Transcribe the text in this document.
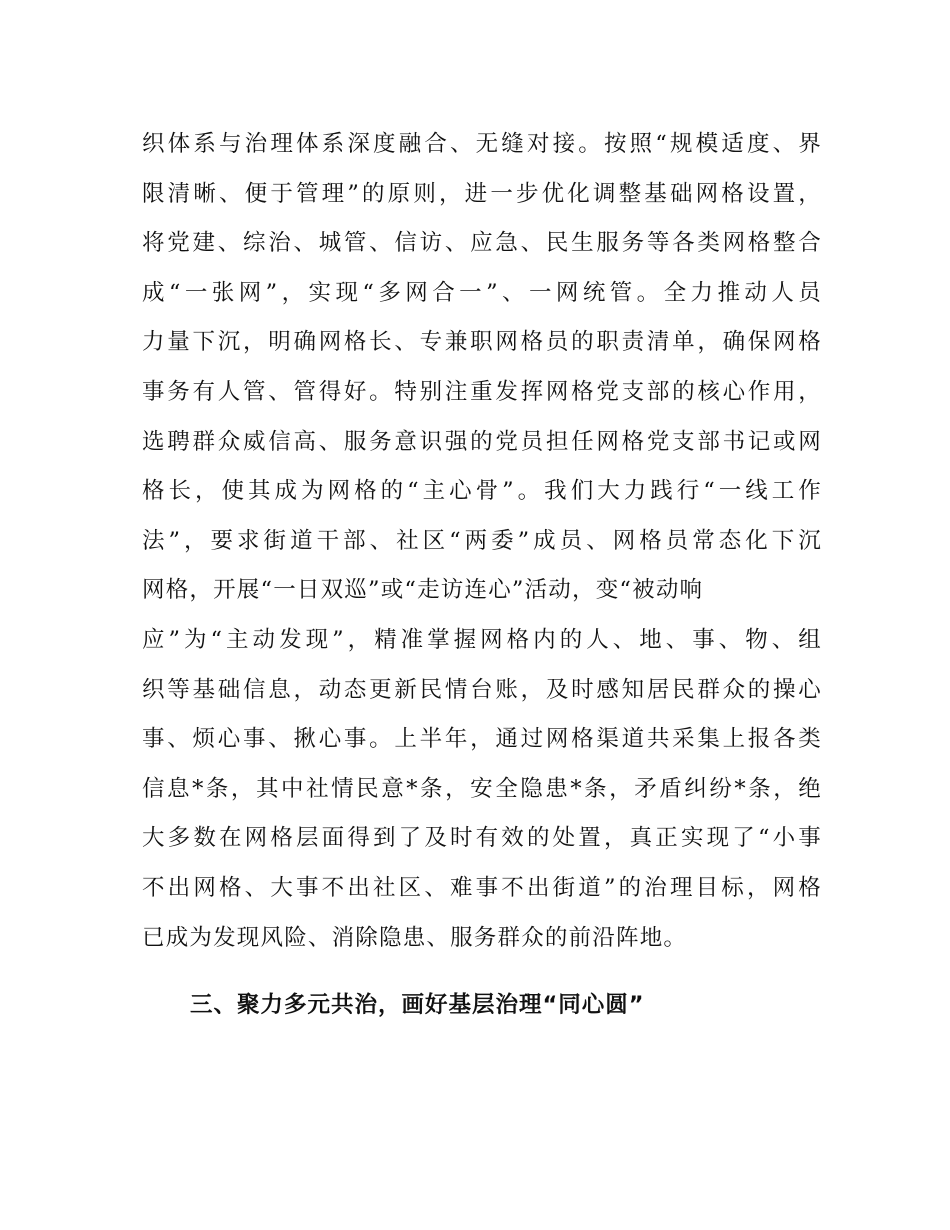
织体系与治理体系深度融合、无缝对接。按照“规模适度、界
限清晰、便于管理”的原则，进一步优化调整基础网格设置，
将党建、综治、城管、信访、应急、民生服务等各类网格整合
成“一张网”，实现“多网合一”、一网统管。全力推动人员
力量下沉，明确网格长、专兼职网格员的职责清单，确保网格
事务有人管、管得好。特别注重发挥网格党支部的核心作用，
选聘群众威信高、服务意识强的党员担任网格党支部书记或网
格长，使其成为网格的“主心骨”。我们大力践行“一线工作
法”，要求街道干部、社区“两委”成员、网格员常态化下沉
网格，开展“一日双巡”或“走访连心”活动，变“被动响
应”为“主动发现”，精准掌握网格内的人、地、事、物、组
织等基础信息，动态更新民情台账，及时感知居民群众的操心
事、烦心事、揪心事。上半年，通过网格渠道共采集上报各类
信息*条，其中社情民意*条，安全隐患*条，矛盾纠纷*条，绝
大多数在网格层面得到了及时有效的处置，真正实现了“小事
不出网格、大事不出社区、难事不出街道”的治理目标，网格
已成为发现风险、消除隐患、服务群众的前沿阵地。
三、聚力多元共治，画好基层治理“同心圆”
